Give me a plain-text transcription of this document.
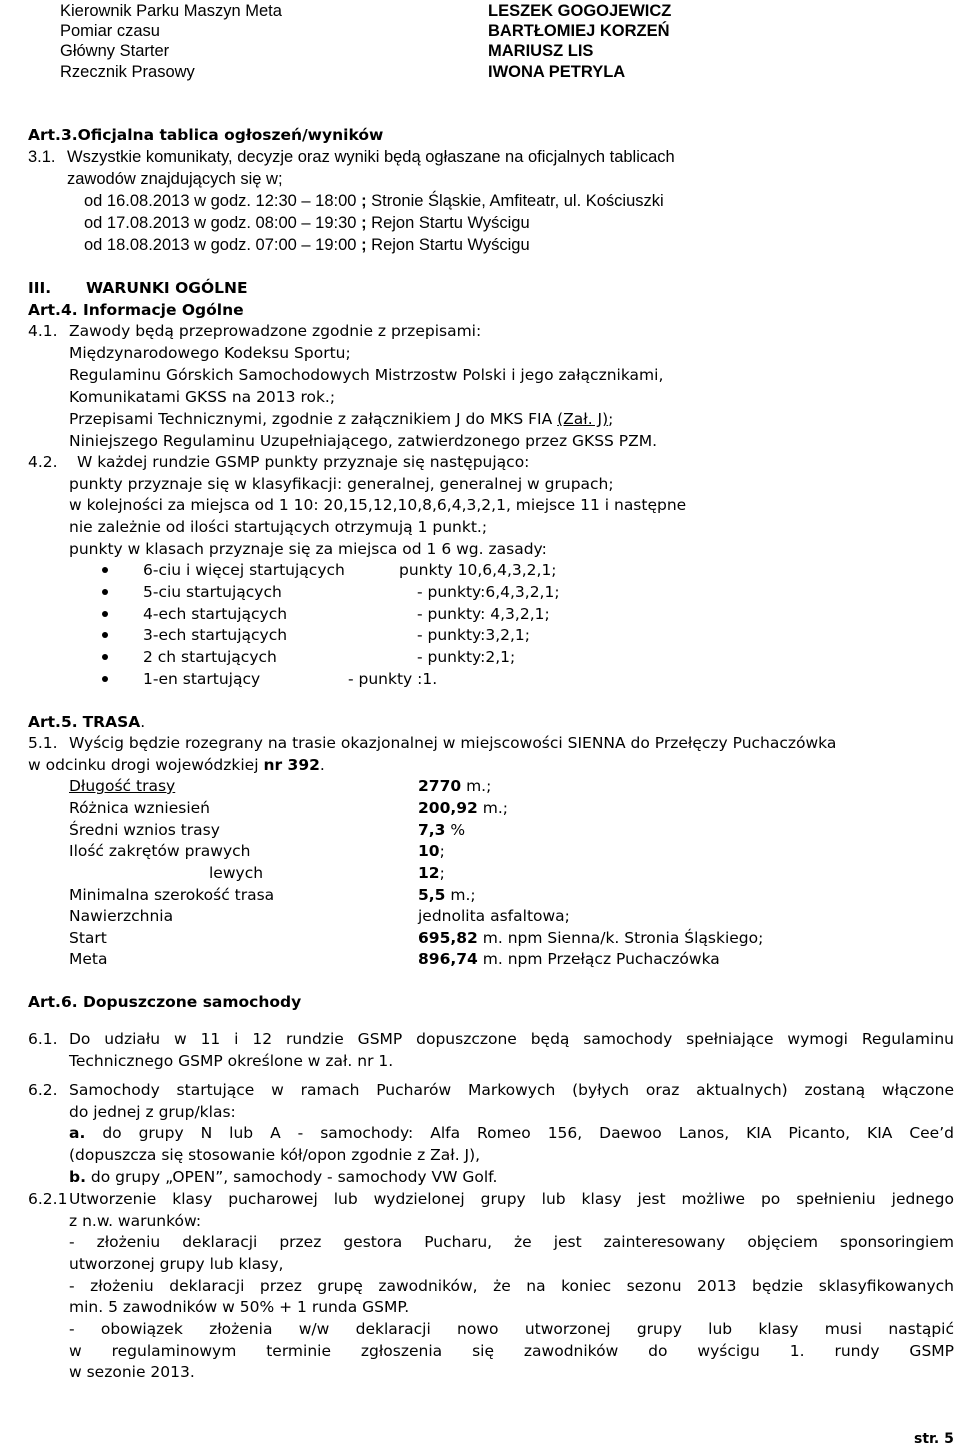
Kierownik Parku Maszyn Meta	LESZEK GOGOJEWICZ
Pomiar czasu	BARTŁOMIEJ KORZEŃ
Główny Starter	MARIUSZ LIS
Rzecznik Prasowy	IWONA PETRYLA
Art.3.Oficjalna tablica ogłoszeń/wyników
3.1. Wszystkie komunikaty, decyzje oraz wyniki będą ogłaszane na oficjalnych tablicach
zawodów znajdujących się w;
od 16.08.2013 w godz. 12:30 – 18:00 ; Stronie Śląskie, Amfiteatr, ul. Kościuszki
od 17.08.2013 w godz. 08:00 – 19:30 ; Rejon Startu Wyścigu
od 18.08.2013 w godz. 07:00 – 19:00 ; Rejon Startu Wyścigu
III. WARUNKI OGÓLNE
Art.4. Informacje Ogólne
4.1. Zawody będą przeprowadzone zgodnie z przepisami:
Międzynarodowego Kodeksu Sportu;
Regulaminu Górskich Samochodowych Mistrzostw Polski i jego załącznikami,
Komunikatami GKSS na 2013 rok.;
Przepisami Technicznymi, zgodnie z załącznikiem J do MKS FIA (Zał. J);
Niniejszego Regulaminu Uzupełniającego, zatwierdzonego przez GKSS PZM.
4.2. W każdej rundzie GSMP punkty przyznaje się następująco:
punkty przyznaje się w klasyfikacji: generalnej, generalnej w grupach;
w kolejności za miejsca od 1 10: 20,15,12,10,8,6,4,3,2,1, miejsce 11 i następne
nie zależnie od ilości startujących otrzymują 1 punkt.;
punkty w klasach przyznaje się za miejsca od 1 6 wg. zasady:
6-ciu i więcej startujących	punkty 10,6,4,3,2,1;
5-ciu startujących	- punkty:6,4,3,2,1;
4-ech startujących	- punkty: 4,3,2,1;
3-ech startujących	- punkty:3,2,1;
2 ch startujących	- punkty:2,1;
1-en startujący	- punkty :1.
Art.5. TRASA.
5.1. Wyścig będzie rozegrany na trasie okazjonalnej w miejscowości SIENNA do Przełęczy Puchaczówka
w odcinku drogi wojewódzkiej nr 392.
Długość trasy	2770 m.;
Różnica wzniesień	200,92 m.;
Średni wznios trasy	7,3 %
Ilość zakrętów prawych	10;
lewych	12;
Minimalna szerokość trasa	5,5 m.;
Nawierzchnia	jednolita asfaltowa;
Start	695,82 m. npm Sienna/k. Stronia Śląskiego;
Meta	896,74 m. npm Przełącz Puchaczówka
Art.6. Dopuszczone samochody
6.1. Do udziału w 11 i 12 rundzie GSMP dopuszczone będą samochody spełniające wymogi Regulaminu
Technicznego GSMP określone w zał. nr 1.
6.2. Samochody startujące w ramach Pucharów Markowych (byłych oraz aktualnych) zostaną włączone
do jednej z grup/klas:
a. do grupy N lub A - samochody: Alfa Romeo 156, Daewoo Lanos, KIA Picanto, KIA Cee’d
(dopuszcza się stosowanie kół/opon zgodnie z Zał. J),
b. do grupy „OPEN”, samochody - samochody VW Golf.
6.2.1 Utworzenie klasy pucharowej lub wydzielonej grupy lub klasy jest możliwe po spełnieniu jednego
z n.w. warunków:
- złożeniu deklaracji przez gestora Pucharu, że jest zainteresowany objęciem sponsoringiem
utworzonej grupy lub klasy,
- złożeniu deklaracji przez grupę zawodników, że na koniec sezonu 2013 będzie sklasyfikowanych
min. 5 zawodników w 50% + 1 runda GSMP.
- obowiązek złożenia w/w deklaracji nowo utworzonej grupy lub klasy musi nastąpić
w regulaminowym terminie zgłoszenia się zawodników do wyścigu 1. rundy GSMP
w sezonie 2013.
str. 5
